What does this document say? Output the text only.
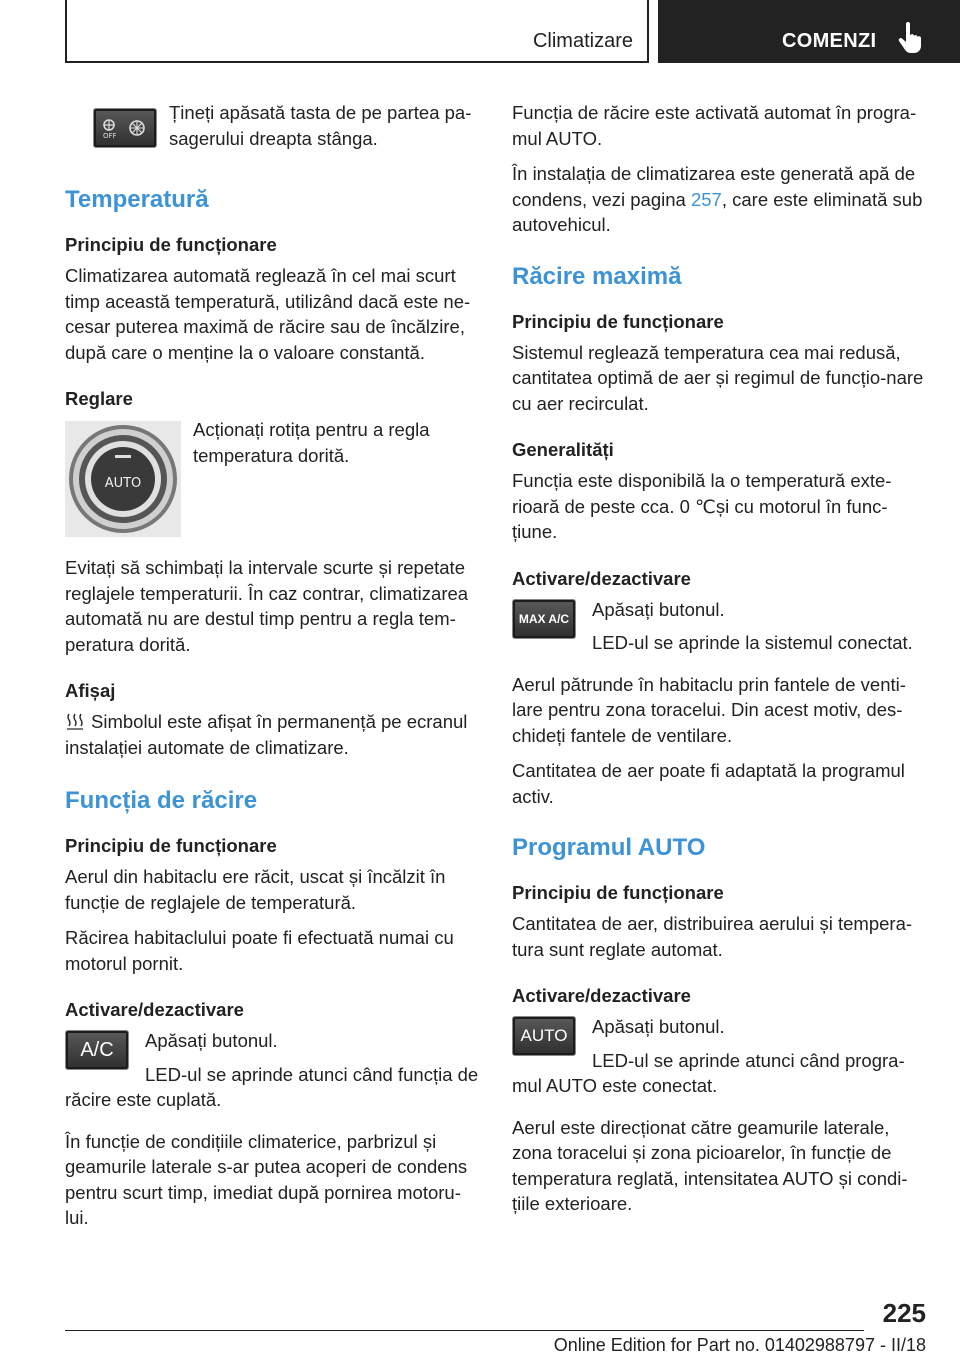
Climatizare	COMENZI
OFF

Țineți apăsată tasta de pe partea pa-sagerului dreapta stânga.

Temperatură
Principiu de funcționare

Climatizarea automată reglează în cel mai scurt timp această temperatură, utilizând dacă este ne-cesar puterea maximă de răcire sau de încălzire, după care o menține la o valoare constantă.

Reglare
AUTO

Acționați rotița pentru a regla temperatura dorită.

Evitați să schimbați la intervale scurte și repetate reglajele temperaturii. În caz contrar, climatizarea automată nu are destul timp pentru a regla tem-peratura dorită.

Afișaj

Simbolul este afișat în permanență pe ecranul instalației automate de climatizare.

Funcția de răcire
Principiu de funcționare

Aerul din habitaclu ere răcit, uscat și încălzit în funcție de reglajele de temperatură.

Răcirea habitaclului poate fi efectuată numai cu motorul pornit.

Activare/dezactivare
A/C	Apăsați butonul.

LED-ul se aprinde atunci când funcția de răcire este cuplată.

În funcție de condițiile climaterice, parbrizul și geamurile laterale s-ar putea acoperi de condens pentru scurt timp, imediat după pornirea motoru-lui.

Funcția de răcire este activată automat în progra-mul AUTO.

În instalația de climatizarea este generată apă de condens, vezi pagina 257, care este eliminată sub autovehicul.

Răcire maximă
Principiu de funcționare

Sistemul reglează temperatura cea mai redusă, cantitatea optimă de aer și regimul de funcțio-nare cu aer recirculat.

Generalități

Funcția este disponibilă la o temperatură exte-rioară de peste cca. 0 ℃și cu motorul în func-țiune.

Activare/dezactivare
MAX A/C	Apăsați butonul.

LED-ul se aprinde la sistemul conectat.

Aerul pătrunde în habitaclu prin fantele de venti-lare pentru zona toracelui. Din acest motiv, des-chideți fantele de ventilare.

Cantitatea de aer poate fi adaptată la programul activ.

Programul AUTO
Principiu de funcționare

Cantitatea de aer, distribuirea aerului și tempera-tura sunt reglate automat.

Activare/dezactivare
AUTO	Apăsați butonul.

LED-ul se aprinde atunci când progra-mul AUTO este conectat.

Aerul este direcționat către geamurile laterale, zona toracelui și zona picioarelor, în funcție de temperatura reglată, intensitatea AUTO și condi-țiile exterioare.

225
Online Edition for Part no. 01402988797 - II/18
